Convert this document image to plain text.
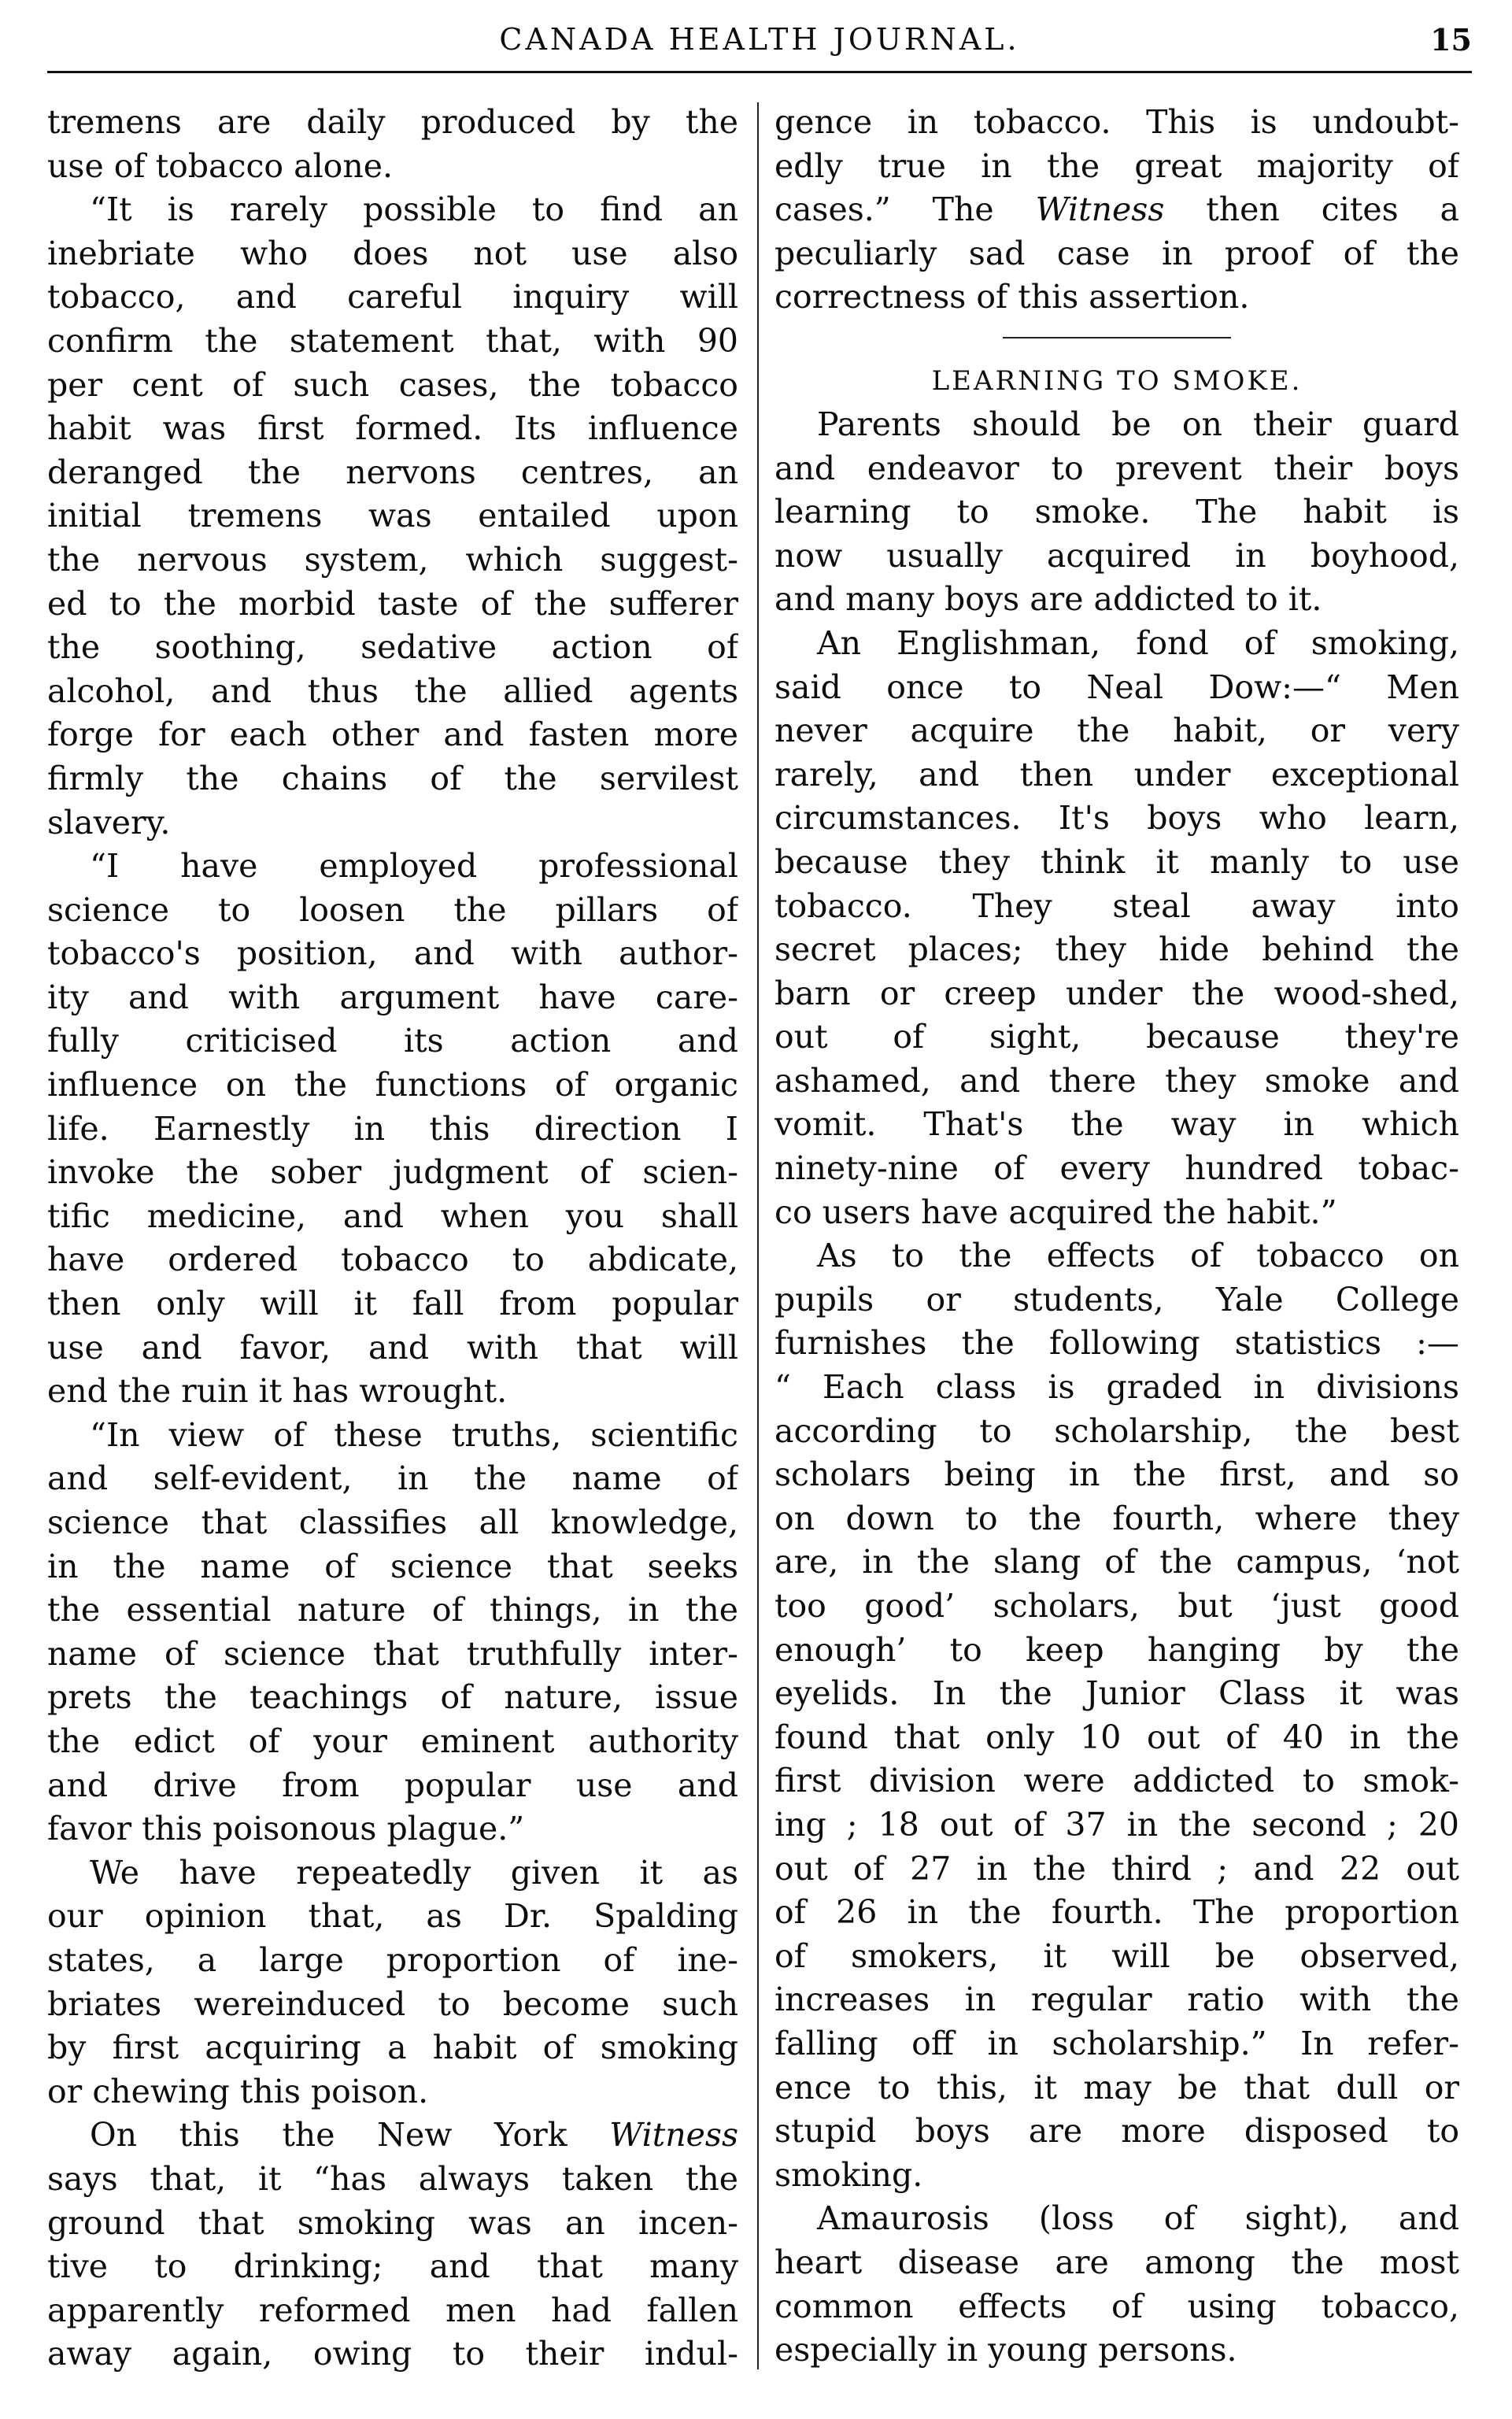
CANADA HEALTH JOURNAL.	15

tremens are daily produced by the
use of tobacco alone.

“It is rarely possible to find an
inebriate who does not use also
tobacco, and careful inquiry will
confirm the statement that, with 90
per cent of such cases, the tobacco
habit was first formed. Its influence
deranged the nervons centres, an
initial tremens was entailed upon
the nervous system, which suggest-
ed to the morbid taste of the sufferer
the soothing, sedative action of
alcohol, and thus the allied agents
forge for each other and fasten more
firmly the chains of the servilest
slavery.

“I have employed professional
science to loosen the pillars of
tobacco's position, and with author-
ity and with argument have care-
fully criticised its action and
influence on the functions of organic
life. Earnestly in this direction I
invoke the sober judgment of scien-
tific medicine, and when you shall
have ordered tobacco to abdicate,
then only will it fall from popular
use and favor, and with that will
end the ruin it has wrought.

“In view of these truths, scientific
and self-evident, in the name of
science that classifies all knowledge,
in the name of science that seeks
the essential nature of things, in the
name of science that truthfully inter-
prets the teachings of nature, issue
the edict of your eminent authority
and drive from popular use and
favor this poisonous plague.”

We have repeatedly given it as
our opinion that, as Dr. Spalding
states, a large proportion of ine-
briates wereinduced to become such
by first acquiring a habit of smoking
or chewing this poison.

On this the New York Witness
says that, it “has always taken the
ground that smoking was an incen-
tive to drinking; and that many
apparently reformed men had fallen
away again, owing to their indul-

gence in tobacco. This is undoubt-
edly true in the great majority of
cases.” The Witness then cites a
peculiarly sad case in proof of the
correctness of this assertion.

LEARNING TO SMOKE.

Parents should be on their guard
and endeavor to prevent their boys
learning to smoke. The habit is
now usually acquired in boyhood,
and many boys are addicted to it.

An Englishman, fond of smoking,
said once to Neal Dow:—“ Men
never acquire the habit, or very
rarely, and then under exceptional
circumstances. It's boys who learn,
because they think it manly to use
tobacco. They steal away into
secret places; they hide behind the
barn or creep under the wood-shed,
out of sight, because they're
ashamed, and there they smoke and
vomit. That's the way in which
ninety-nine of every hundred tobac-
co users have acquired the habit.”

As to the effects of tobacco on
pupils or students, Yale College
furnishes the following statistics :—
“ Each class is graded in divisions
according to scholarship, the best
scholars being in the first, and so
on down to the fourth, where they
are, in the slang of the campus, ‘not
too good’ scholars, but ‘just good
enough’ to keep hanging by the
eyelids. In the Junior Class it was
found that only 10 out of 40 in the
first division were addicted to smok-
ing ; 18 out of 37 in the second ; 20
out of 27 in the third ; and 22 out
of 26 in the fourth. The proportion
of smokers, it will be observed,
increases in regular ratio with the
falling off in scholarship.” In refer-
ence to this, it may be that dull or
stupid boys are more disposed to
smoking.

Amaurosis (loss of sight), and
heart disease are among the most
common effects of using tobacco,
especially in young persons.
